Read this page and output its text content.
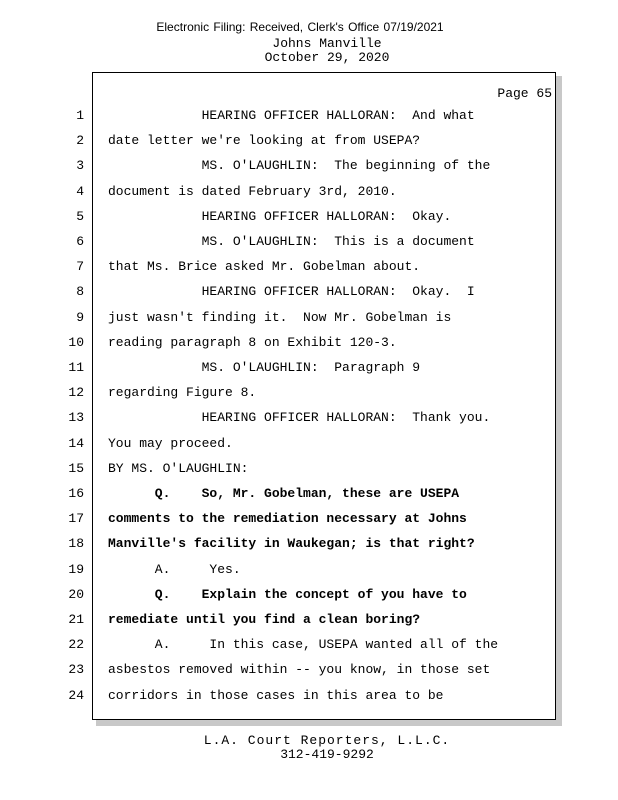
Electronic Filing: Received, Clerk's Office 07/19/2021
Johns Manville
October 29, 2020
Page 65
1 HEARING OFFICER HALLORAN:  And what
2 date letter we're looking at from USEPA?
3 MS. O'LAUGHLIN:  The beginning of the
4 document is dated February 3rd, 2010.
5 HEARING OFFICER HALLORAN:  Okay.
6 MS. O'LAUGHLIN:  This is a document
7 that Ms. Brice asked Mr. Gobelman about.
8 HEARING OFFICER HALLORAN:  Okay.  I
9 just wasn't finding it.  Now Mr. Gobelman is
10 reading paragraph 8 on Exhibit 120-3.
11 MS. O'LAUGHLIN:  Paragraph 9
12 regarding Figure 8.
13 HEARING OFFICER HALLORAN:  Thank you.
14 You may proceed.
15 BY MS. O'LAUGHLIN:
16 Q.    So, Mr. Gobelman, these are USEPA
17 comments to the remediation necessary at Johns
18 Manville's facility in Waukegan; is that right?
19 A.     Yes.
20 Q.    Explain the concept of you have to
21 remediate until you find a clean boring?
22 A.     In this case, USEPA wanted all of the
23 asbestos removed within -- you know, in those set
24 corridors in those cases in this area to be
L.A. Court Reporters, L.L.C.
312-419-9292
